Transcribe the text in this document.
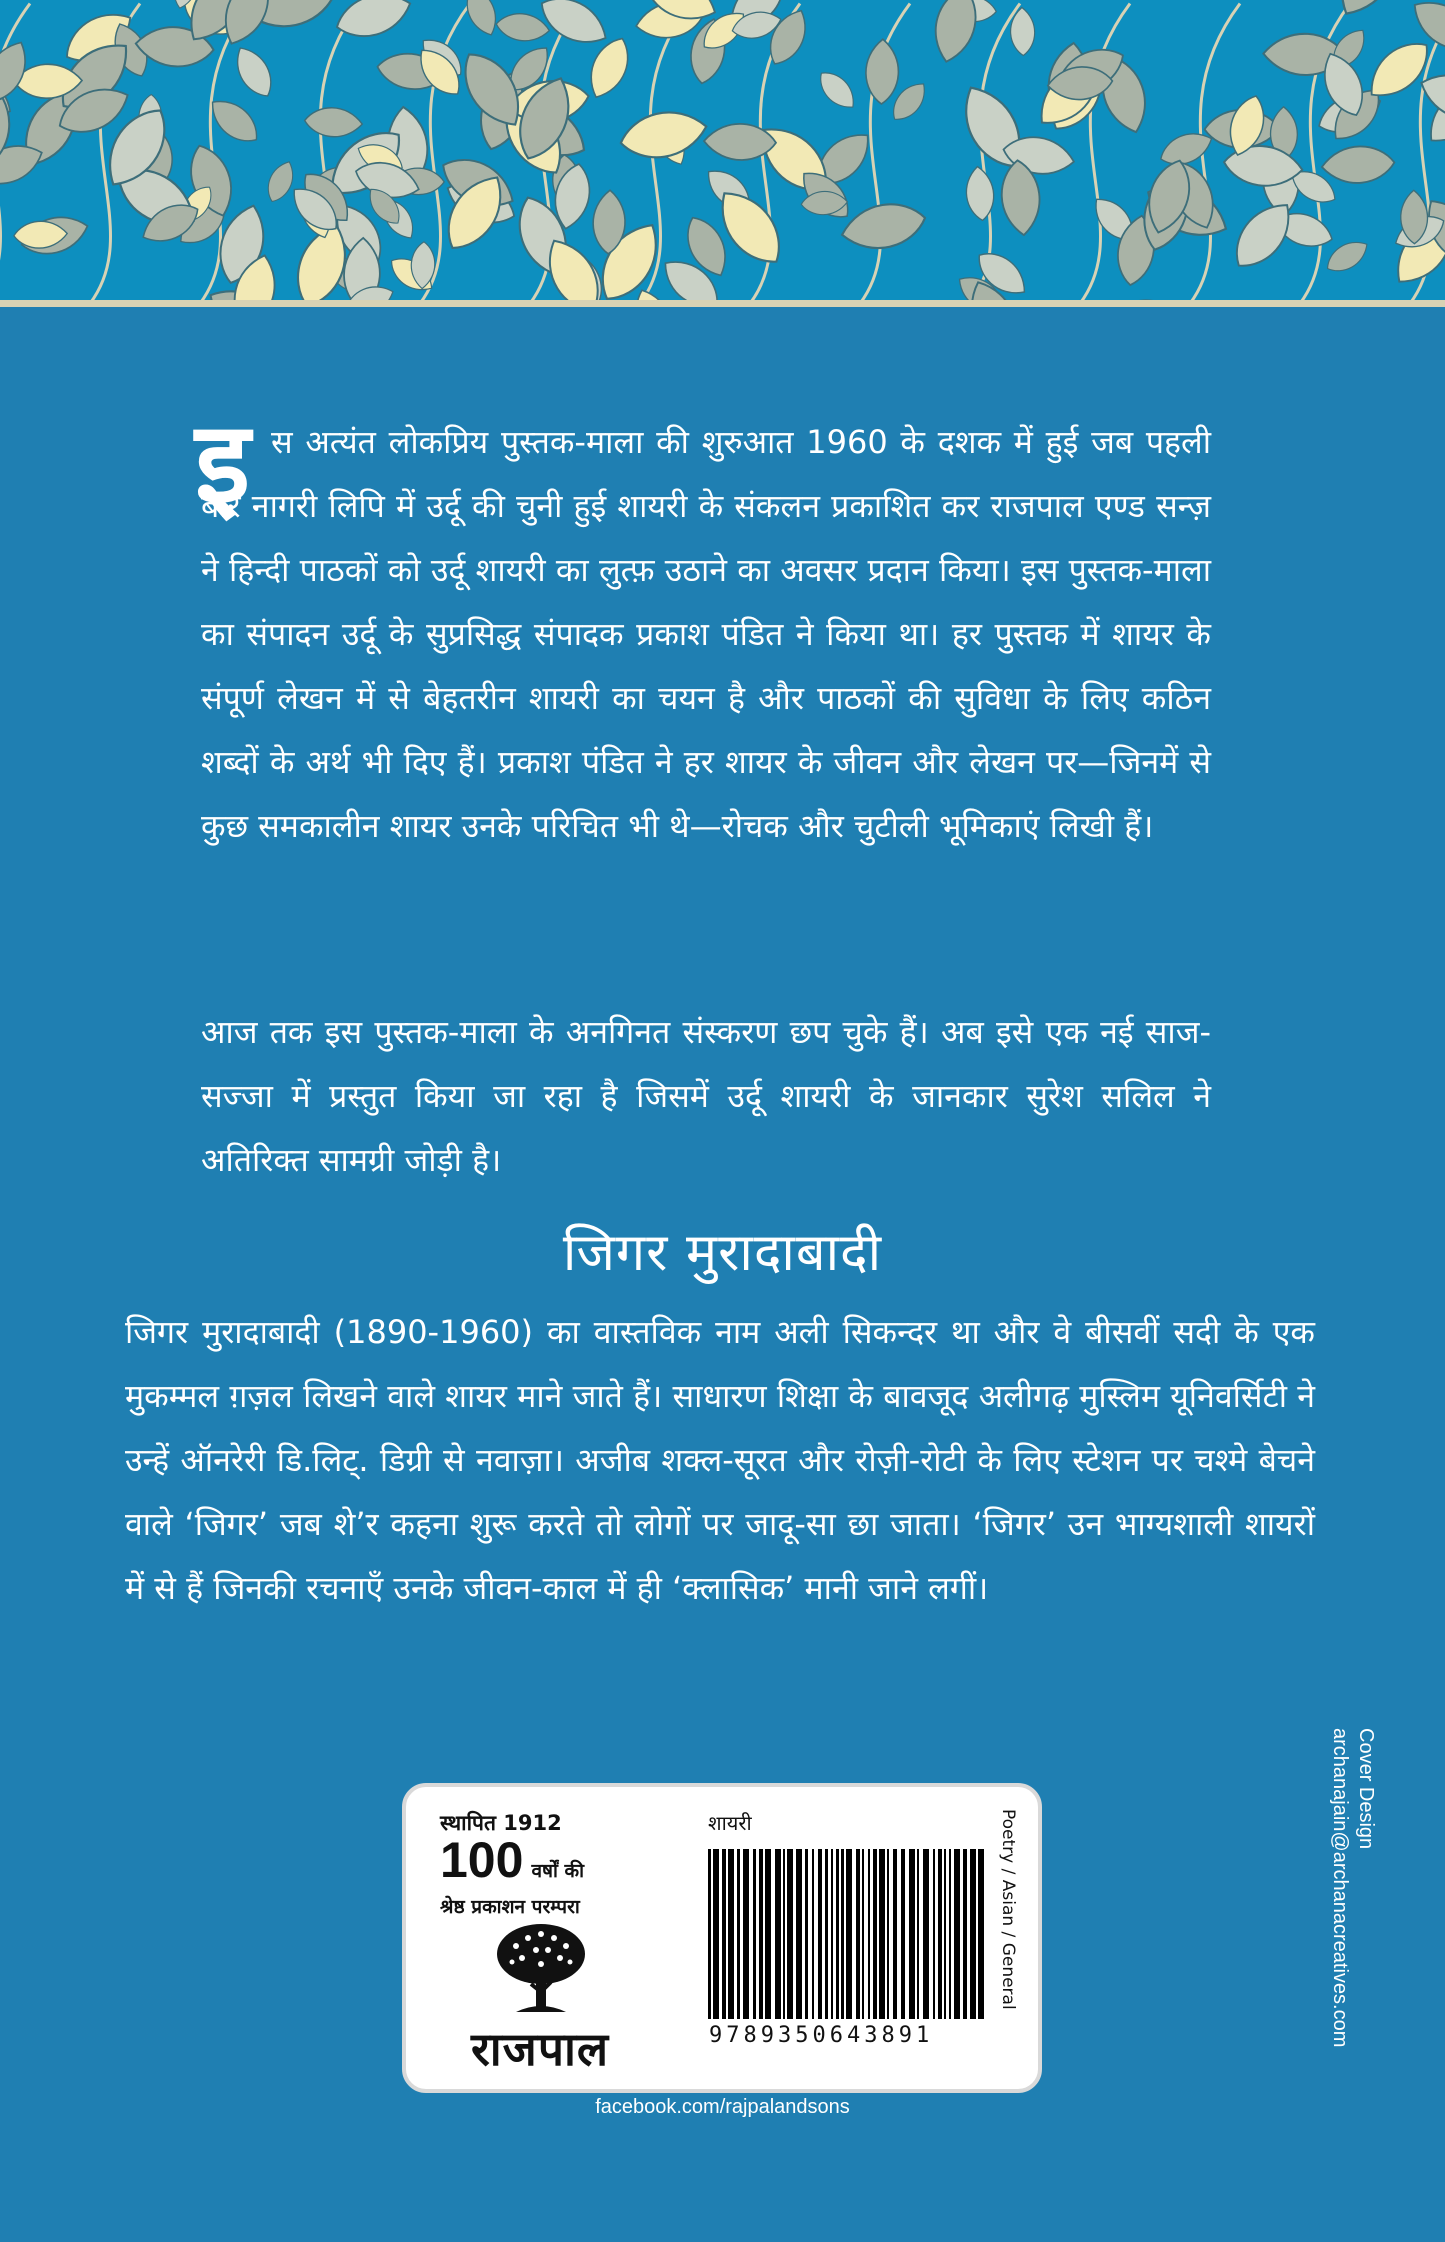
इ स अत्यंत लोकप्रिय पुस्तक-माला की शुरुआत 1960 के दशक में हुई जब पहली बार नागरी लिपि में उर्दू की चुनी हुई शायरी के संकलन प्रकाशित कर राजपाल एण्ड सन्ज़ ने हिन्दी पाठकों को उर्दू शायरी का लुत्फ़ उठाने का अवसर प्रदान किया। इस पुस्तक-माला का संपादन उर्दू के सुप्रसिद्ध संपादक प्रकाश पंडित ने किया था। हर पुस्तक में शायर के संपूर्ण लेखन में से बेहतरीन शायरी का चयन है और पाठकों की सुविधा के लिए कठिन शब्दों के अर्थ भी दिए हैं। प्रकाश पंडित ने हर शायर के जीवन और लेखन पर—जिनमें से कुछ समकालीन शायर उनके परिचित भी थे—रोचक और चुटीली भूमिकाएं लिखी हैं।

आज तक इस पुस्तक-माला के अनगिनत संस्करण छप चुके हैं। अब इसे एक नई साज-सज्जा में प्रस्तुत किया जा रहा है जिसमें उर्दू शायरी के जानकार सुरेश सलिल ने अतिरिक्त सामग्री जोड़ी है।

जिगर मुरादाबादी

जिगर मुरादाबादी (1890-1960) का वास्तविक नाम अली सिकन्दर था और वे बीसवीं सदी के एक मुकम्मल ग़ज़ल लिखने वाले शायर माने जाते हैं। साधारण शिक्षा के बावजूद अलीगढ़ मुस्लिम यूनिवर्सिटी ने उन्हें ऑनरेरी डि.लिट्. डिग्री से नवाज़ा। अजीब शक्ल-सूरत और रोज़ी-रोटी के लिए स्टेशन पर चश्मे बेचने वाले ‘जिगर’ जब शे’र कहना शुरू करते तो लोगों पर जादू-सा छा जाता। ‘जिगर’ उन भाग्यशाली शायरों में से हैं जिनकी रचनाएँ उनके जीवन-काल में ही ‘क्लासिक’ मानी जाने लगीं।

स्थापित 1912
100 वर्षों की
श्रेष्ठ प्रकाशन परम्परा
राजपाल
शायरी
9789350643891
Poetry / Asian / General
facebook.com/rajpalandsons
Cover Design
archanajain@archanacreatives.com
